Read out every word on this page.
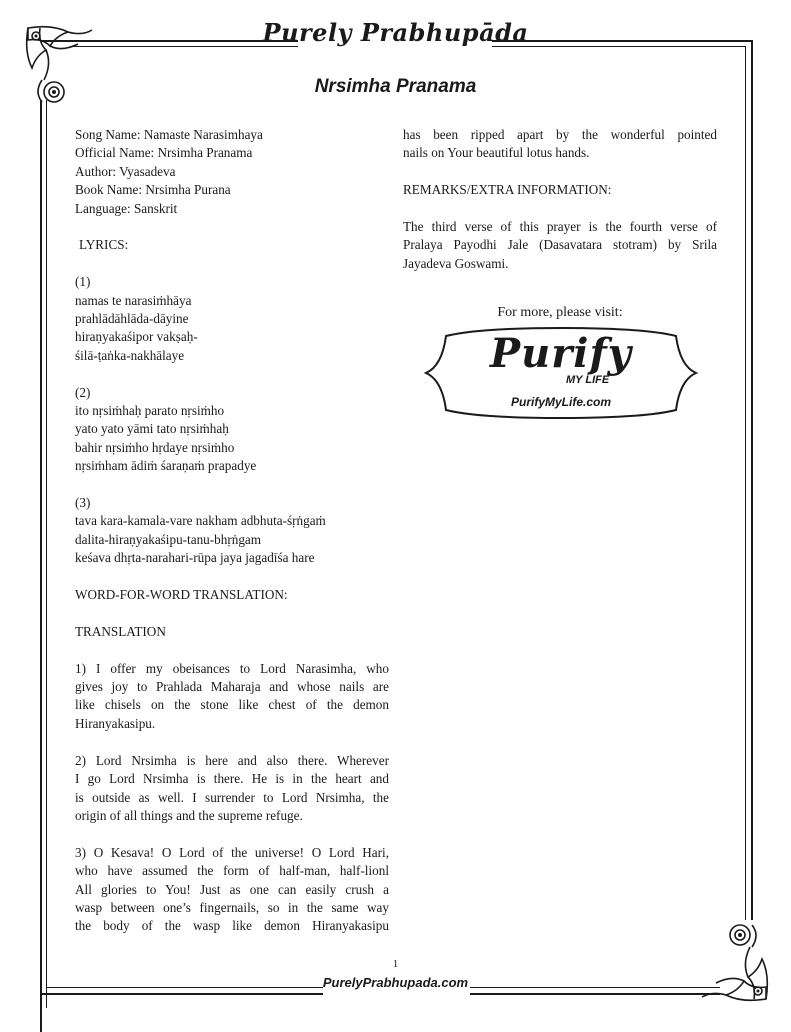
Purely Prabhupāda
Nrsimha Pranama
Song Name: Namaste Narasimhaya
Official Name: Nrsimha Pranama
Author: Vyasadeva
Book Name: Nrsimha Purana
Language: Sanskrit
LYRICS:
(1)
namas te narasiṁhāya
prahlādāhlāda-dāyine
hiraṇyakaśipor vakṣaḥ-
śilā-ṭaṅka-nakhālaye
(2)
ito nṛsiṁhaḥ parato nṛsiṁho
yato yato yāmi tato nṛsiṁhaḥ
bahir nṛsiṁho hṛdaye nṛsiṁho
nṛsiṁham ādiṁ śaraṇaṁ prapadye
(3)
tava kara-kamala-vare nakham adbhuta-śṛṅgaṁ
dalita-hiraṇyakaśipu-tanu-bhṛṅgam
keśava dhṛta-narahari-rūpa jaya jagadīśa hare
WORD-FOR-WORD TRANSLATION:
TRANSLATION
1) I offer my obeisances to Lord Narasimha, who
gives joy to Prahlada Maharaja and whose nails are
like chisels on the stone like chest of the demon
Hiranyakasipu.
2) Lord Nrsimha is here and also there. Wherever
I go Lord Nrsimha is there. He is in the heart and
is outside as well. I surrender to Lord Nrsimha, the
origin of all things and the supreme refuge.
3) O Kesava! O Lord of the universe! O Lord Hari,
who have assumed the form of half-man, half-lionl
All glories to You! Just as one can easily crush a
wasp between one’s fingernails, so in the same way
the body of the wasp like demon Hiranyakasipu
has been ripped apart by the wonderful pointed
nails on Your beautiful lotus hands.
REMARKS/EXTRA INFORMATION:
The third verse of this prayer is the fourth verse of
Pralaya Payodhi Jale (Dasavatara stotram) by Srila
Jayadeva Goswami.
For more, please visit:
Purify
MY LIFE
PurifyMyLife.com
1
PurelyPrabhupada.com
